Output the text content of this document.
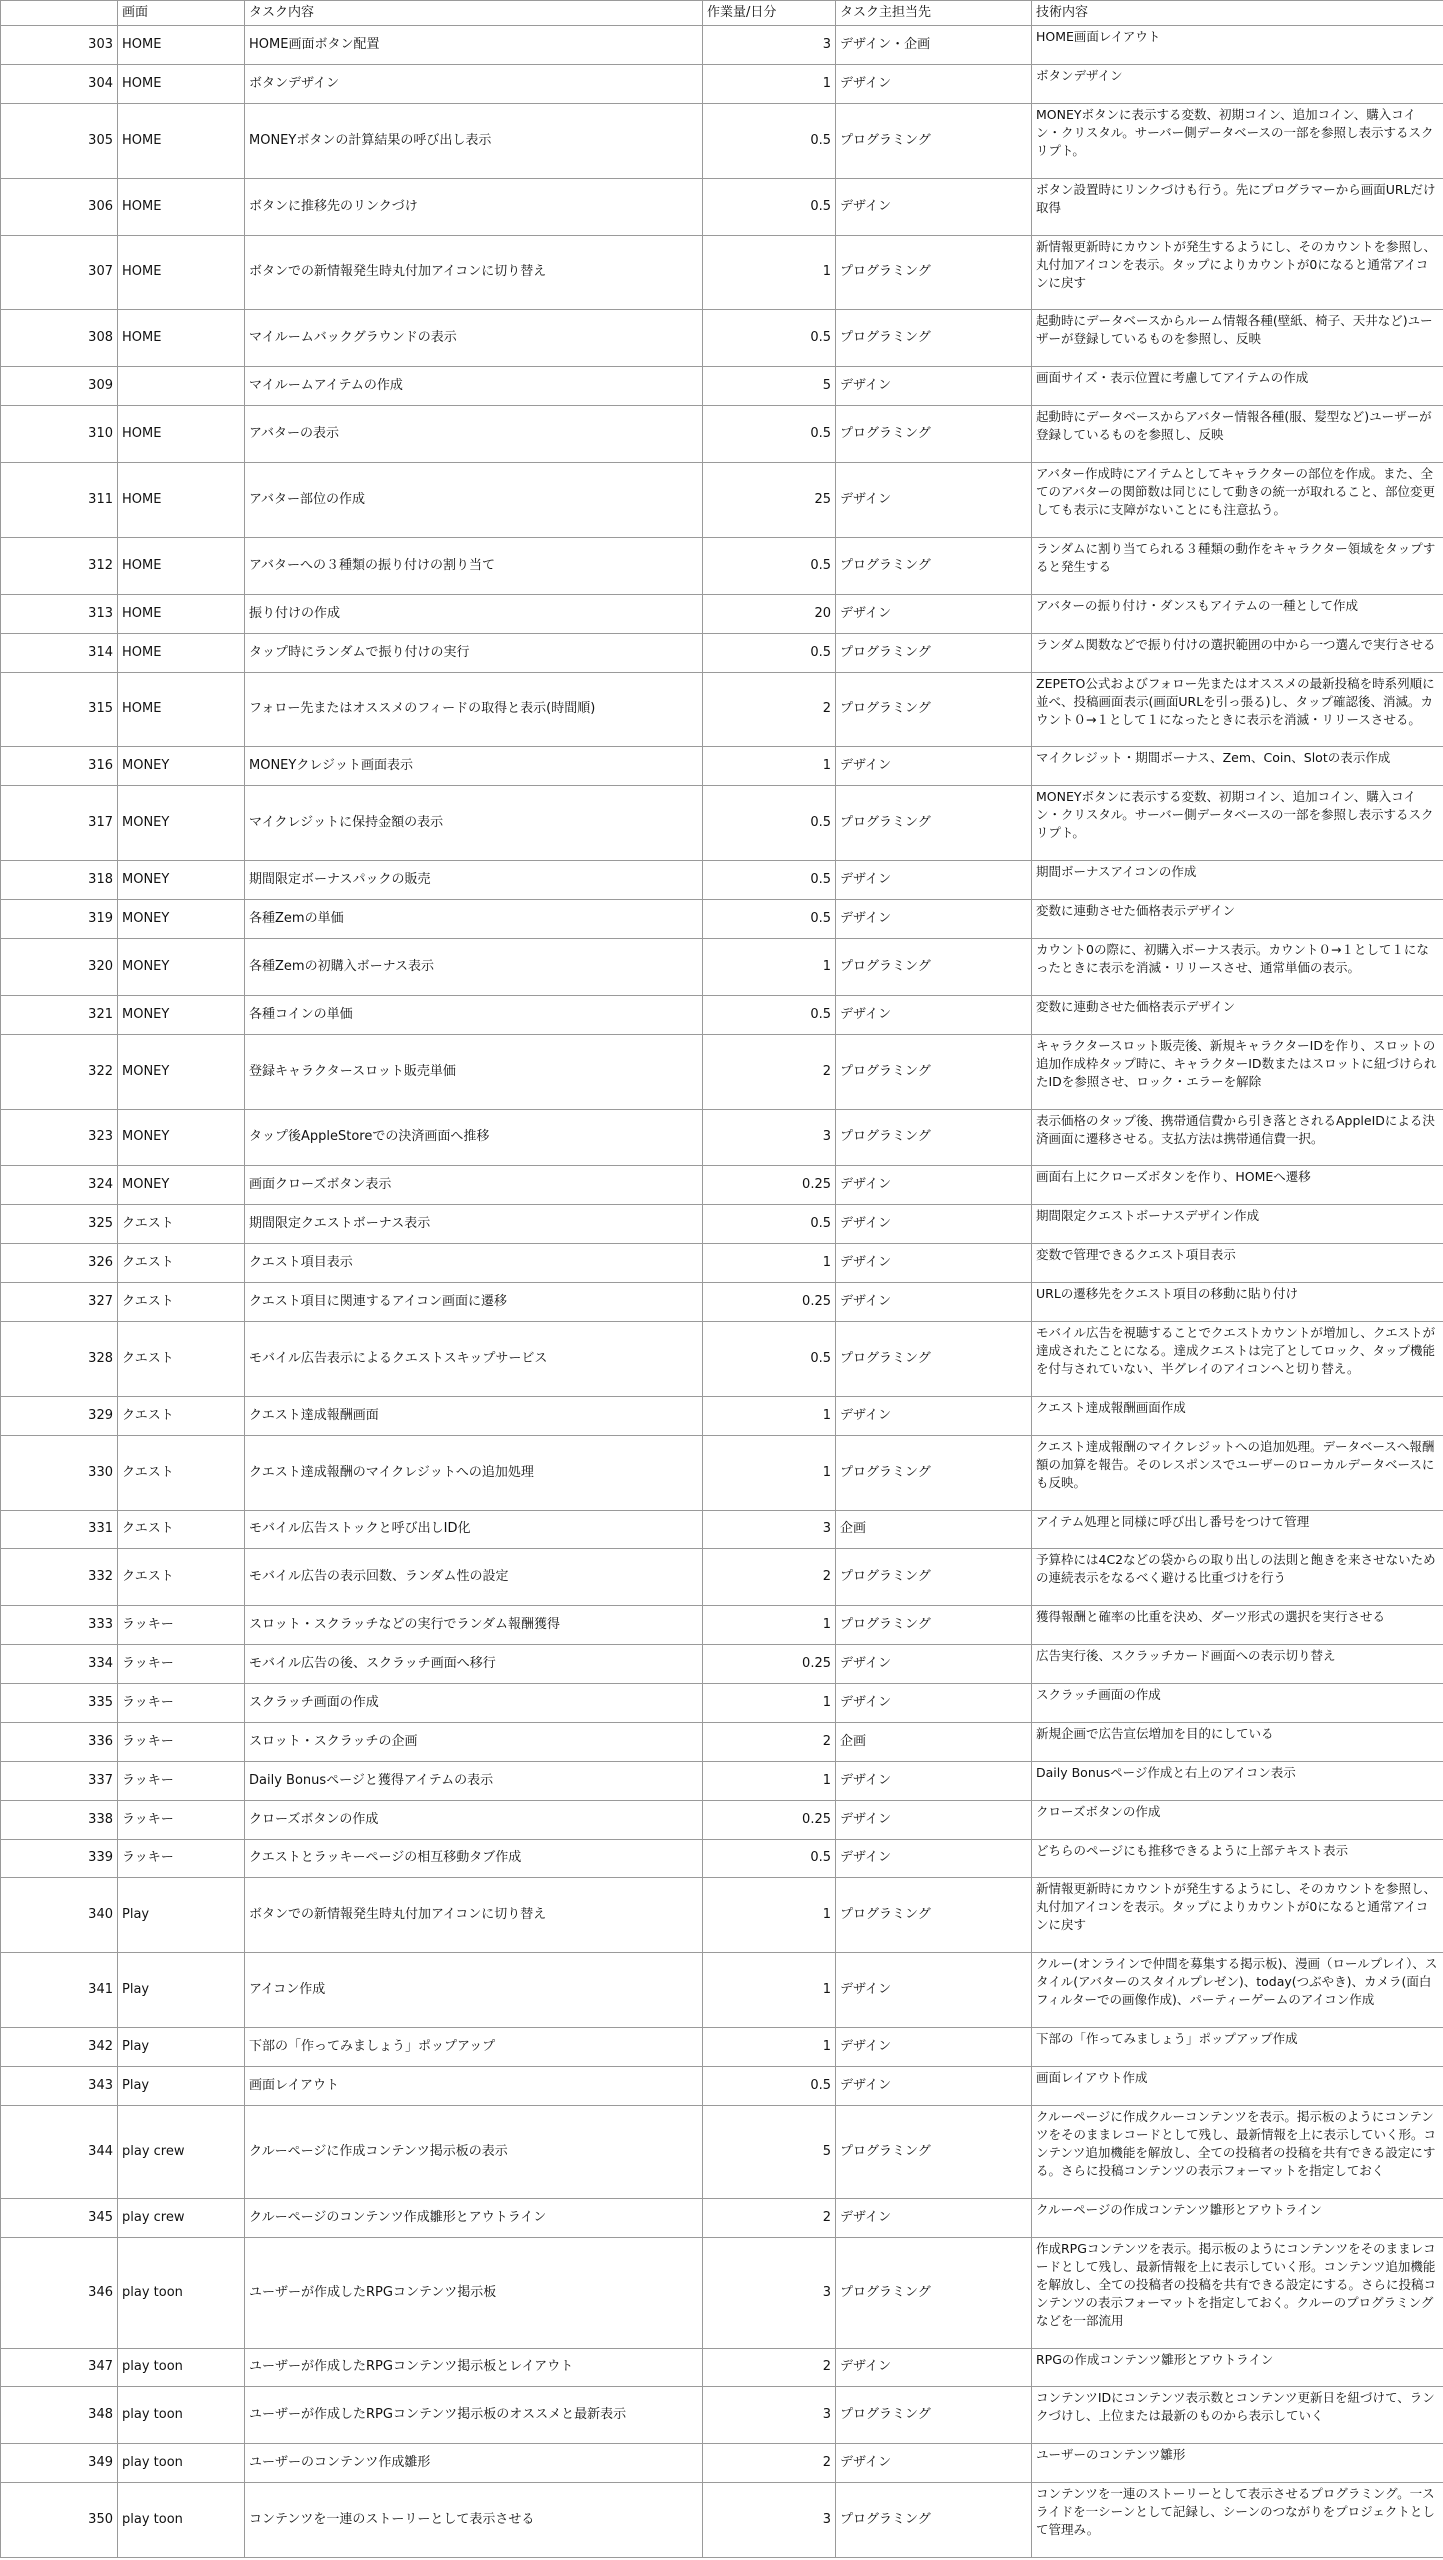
	画面	タスク内容	作業量/日分	タスク主担当先	技術内容
303	HOME	HOME画面ボタン配置	3	デザイン・企画	HOME画面レイアウト
304	HOME	ボタンデザイン	1	デザイン	ボタンデザイン
305	HOME	MONEYボタンの計算結果の呼び出し表示	0.5	プログラミング	MONEYボタンに表示する変数、初期コイン、追加コイン、購入コイン・クリスタル。サーバー側データベースの一部を参照し表示するスクリプト。
306	HOME	ボタンに推移先のリンクづけ	0.5	デザイン	ボタン設置時にリンクづけも行う。先にプログラマーから画面URLだけ取得
307	HOME	ボタンでの新情報発生時丸付加アイコンに切り替え	1	プログラミング	新情報更新時にカウントが発生するようにし、そのカウントを参照し、丸付加アイコンを表示。タップによりカウントが0になると通常アイコンに戻す
308	HOME	マイルームバックグラウンドの表示	0.5	プログラミング	起動時にデータベースからルーム情報各種(壁紙、椅子、天井など)ユーザーが登録しているものを参照し、反映
309		マイルームアイテムの作成	5	デザイン	画面サイズ・表示位置に考慮してアイテムの作成
310	HOME	アバターの表示	0.5	プログラミング	起動時にデータベースからアバター情報各種(服、髪型など)ユーザーが登録しているものを参照し、反映
311	HOME	アバター部位の作成	25	デザイン	アバター作成時にアイテムとしてキャラクターの部位を作成。また、全てのアバターの関節数は同じにして動きの統一が取れること、部位変更しても表示に支障がないことにも注意払う。
312	HOME	アバターへの３種類の振り付けの割り当て	0.5	プログラミング	ランダムに割り当てられる３種類の動作をキャラクター領域をタップすると発生する
313	HOME	振り付けの作成	20	デザイン	アバターの振り付け・ダンスもアイテムの一種として作成
314	HOME	タップ時にランダムで振り付けの実行	0.5	プログラミング	ランダム関数などで振り付けの選択範囲の中から一つ選んで実行させる
315	HOME	フォロー先またはオススメのフィードの取得と表示(時間順)	2	プログラミング	ZEPETO公式およびフォロー先またはオススメの最新投稿を時系列順に並べ、投稿画面表示(画面URLを引っ張る)し、タップ確認後、消滅。カウント０→１として１になったときに表示を消滅・リリースさせる。
316	MONEY	MONEYクレジット画面表示	1	デザイン	マイクレジット・期間ボーナス、Zem、Coin、Slotの表示作成
317	MONEY	マイクレジットに保持金額の表示	0.5	プログラミング	MONEYボタンに表示する変数、初期コイン、追加コイン、購入コイン・クリスタル。サーバー側データベースの一部を参照し表示するスクリプト。
318	MONEY	期間限定ボーナスパックの販売	0.5	デザイン	期間ボーナスアイコンの作成
319	MONEY	各種Zemの単価	0.5	デザイン	変数に連動させた価格表示デザイン
320	MONEY	各種Zemの初購入ボーナス表示	1	プログラミング	カウント0の際に、初購入ボーナス表示。カウント０→１として１になったときに表示を消滅・リリースさせ、通常単価の表示。
321	MONEY	各種コインの単価	0.5	デザイン	変数に連動させた価格表示デザイン
322	MONEY	登録キャラクタースロット販売単価	2	プログラミング	キャラクタースロット販売後、新規キャラクターIDを作り、スロットの追加作成枠タップ時に、キャラクターID数またはスロットに紐づけられたIDを参照させ、ロック・エラーを解除
323	MONEY	タップ後AppleStoreでの決済画面へ推移	3	プログラミング	表示価格のタップ後、携帯通信費から引き落とされるAppleIDによる決済画面に遷移させる。支払方法は携帯通信費一択。
324	MONEY	画面クローズボタン表示	0.25	デザイン	画面右上にクローズボタンを作り、HOMEへ遷移
325	クエスト	期間限定クエストボーナス表示	0.5	デザイン	期間限定クエストボーナスデザイン作成
326	クエスト	クエスト項目表示	1	デザイン	変数で管理できるクエスト項目表示
327	クエスト	クエスト項目に関連するアイコン画面に遷移	0.25	デザイン	URLの遷移先をクエスト項目の移動に貼り付け
328	クエスト	モバイル広告表示によるクエストスキップサービス	0.5	プログラミング	モバイル広告を視聴することでクエストカウントが増加し、クエストが達成されたことになる。達成クエストは完了としてロック、タップ機能を付与されていない、半グレイのアイコンへと切り替え。
329	クエスト	クエスト達成報酬画面	1	デザイン	クエスト達成報酬画面作成
330	クエスト	クエスト達成報酬のマイクレジットへの追加処理	1	プログラミング	クエスト達成報酬のマイクレジットへの追加処理。データベースへ報酬額の加算を報告。そのレスポンスでユーザーのローカルデータベースにも反映。
331	クエスト	モバイル広告ストックと呼び出しID化	3	企画	アイテム処理と同様に呼び出し番号をつけて管理
332	クエスト	モバイル広告の表示回数、ランダム性の設定	2	プログラミング	予算枠には4C2などの袋からの取り出しの法則と飽きを来させないための連続表示をなるべく避ける比重づけを行う
333	ラッキー	スロット・スクラッチなどの実行でランダム報酬獲得	1	プログラミング	獲得報酬と確率の比重を決め、ダーツ形式の選択を実行させる
334	ラッキー	モバイル広告の後、スクラッチ画面へ移行	0.25	デザイン	広告実行後、スクラッチカード画面への表示切り替え
335	ラッキー	スクラッチ画面の作成	1	デザイン	スクラッチ画面の作成
336	ラッキー	スロット・スクラッチの企画	2	企画	新規企画で広告宣伝増加を目的にしている
337	ラッキー	Daily Bonusページと獲得アイテムの表示	1	デザイン	Daily Bonusページ作成と右上のアイコン表示
338	ラッキー	クローズボタンの作成	0.25	デザイン	クローズボタンの作成
339	ラッキー	クエストとラッキーページの相互移動タブ作成	0.5	デザイン	どちらのページにも推移できるように上部テキスト表示
340	Play	ボタンでの新情報発生時丸付加アイコンに切り替え	1	プログラミング	新情報更新時にカウントが発生するようにし、そのカウントを参照し、丸付加アイコンを表示。タップによりカウントが0になると通常アイコンに戻す
341	Play	アイコン作成	1	デザイン	クルー(オンラインで仲間を募集する掲示板)、漫画（ロールプレイ）、スタイル(アバターのスタイルプレゼン)、today(つぶやき)、カメラ(面白フィルターでの画像作成)、パーティーゲームのアイコン作成
342	Play	下部の「作ってみましょう」ポップアップ	1	デザイン	下部の「作ってみましょう」ポップアップ作成
343	Play	画面レイアウト	0.5	デザイン	画面レイアウト作成
344	play crew	クルーページに作成コンテンツ掲示板の表示	5	プログラミング	クルーページに作成クルーコンテンツを表示。掲示板のようにコンテンツをそのままレコードとして残し、最新情報を上に表示していく形。コンテンツ追加機能を解放し、全ての投稿者の投稿を共有できる設定にする。さらに投稿コンテンツの表示フォーマットを指定しておく
345	play crew	クルーページのコンテンツ作成雛形とアウトライン	2	デザイン	クルーページの作成コンテンツ雛形とアウトライン
346	play toon	ユーザーが作成したRPGコンテンツ掲示板	3	プログラミング	作成RPGコンテンツを表示。掲示板のようにコンテンツをそのままレコードとして残し、最新情報を上に表示していく形。コンテンツ追加機能を解放し、全ての投稿者の投稿を共有できる設定にする。さらに投稿コンテンツの表示フォーマットを指定しておく。クルーのプログラミングなどを一部流用
347	play toon	ユーザーが作成したRPGコンテンツ掲示板とレイアウト	2	デザイン	RPGの作成コンテンツ雛形とアウトライン
348	play toon	ユーザーが作成したRPGコンテンツ掲示板のオススメと最新表示	3	プログラミング	コンテンツIDにコンテンツ表示数とコンテンツ更新日を紐づけて、ランクづけし、上位または最新のものから表示していく
349	play toon	ユーザーのコンテンツ作成雛形	2	デザイン	ユーザーのコンテンツ雛形
350	play toon	コンテンツを一連のストーリーとして表示させる	3	プログラミング	コンテンツを一連のストーリーとして表示させるプログラミング。一スライドを一シーンとして記録し、シーンのつながりをプロジェクトとして管理み。
